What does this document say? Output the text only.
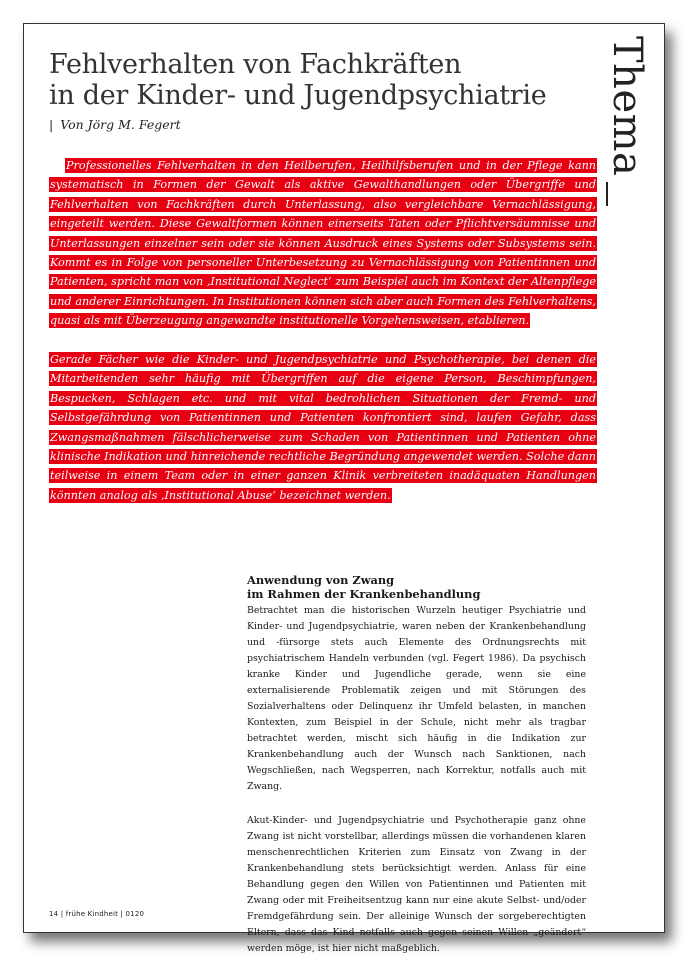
Fehlverhalten von Fachkräften
in der Kinder- und Jugendpsychiatrie
| Von Jörg M. Fegert	Thema

Professionelles Fehlverhalten in den Heilberufen, Heilhilfsberufen und in der Pflege kann systematisch in Formen der Gewalt als aktive Gewalthandlungen oder Übergriffe und Fehlverhalten von Fachkräften durch Unterlassung, also vergleichbare Vernachlässigung, eingeteilt werden. Diese Gewaltformen können einerseits Taten oder Pflichtversäumnisse und Unterlassungen einzelner sein oder sie können Ausdruck eines Systems oder Subsystems sein. Kommt es in Folge von personeller Unterbesetzung zu Vernachlässigung von Patientinnen und Patienten, spricht man von ‚Institutional Neglect‘ zum Beispiel auch im Kontext der Altenpflege und anderer Einrichtungen. In Institutionen können sich aber auch Formen des Fehlverhaltens, quasi als mit Überzeugung angewandte institutionelle Vorgehensweisen, etablieren.

Gerade Fächer wie die Kinder- und Jugendpsychiatrie und Psychotherapie, bei denen die Mitarbeitenden sehr häufig mit Übergriffen auf die eigene Person, Beschimpfungen, Bespucken, Schlagen etc. und mit vital bedrohlichen Situationen der Fremd- und Selbstgefährdung von Patientinnen und Patienten konfrontiert sind, laufen Gefahr, dass Zwangsmaßnahmen fälschlicherweise zum Schaden von Patientinnen und Patienten ohne klinische Indikation und hinreichende rechtliche Begründung angewendet werden. Solche dann teilweise in einem Team oder in einer ganzen Klinik verbreiteten inadäquaten Handlungen könnten analog als ‚Institutional Abuse‘ bezeichnet werden.

Anwendung von Zwang
im Rahmen der Krankenbehandlung

Betrachtet man die historischen Wurzeln heutiger Psychiatrie und Kinder- und Jugendpsychiatrie, waren neben der Krankenbehandlung und -fürsorge stets auch Elemente des Ordnungsrechts mit psychiatrischem Handeln verbunden (vgl. Fegert 1986). Da psychisch kranke Kinder und Jugendliche gerade, wenn sie eine externalisierende Problematik zeigen und mit Störungen des Sozialverhaltens oder Delinquenz ihr Umfeld belasten, in manchen Kontexten, zum Beispiel in der Schule, nicht mehr als tragbar betrachtet werden, mischt sich häufig in die Indikation zur Krankenbehandlung auch der Wunsch nach Sanktionen, nach Wegschließen, nach Wegsperren, nach Korrektur, notfalls auch mit Zwang.

Akut-Kinder- und Jugendpsychiatrie und Psychotherapie ganz ohne Zwang ist nicht vorstellbar, allerdings müssen die vorhandenen klaren menschenrechtlichen Kriterien zum Einsatz von Zwang in der Krankenbehandlung stets berücksichtigt werden. Anlass für eine Behandlung gegen den Willen von Patientinnen und Patienten mit Zwang oder mit Freiheitsentzug kann nur eine akute Selbst- und/oder Fremdgefährdung sein. Der alleinige Wunsch der sorgeberechtigten Eltern, dass das Kind notfalls auch gegen seinen Willen „geändert“ werden möge, ist hier nicht maßgeblich.

14 | frühe Kindheit | 0120
